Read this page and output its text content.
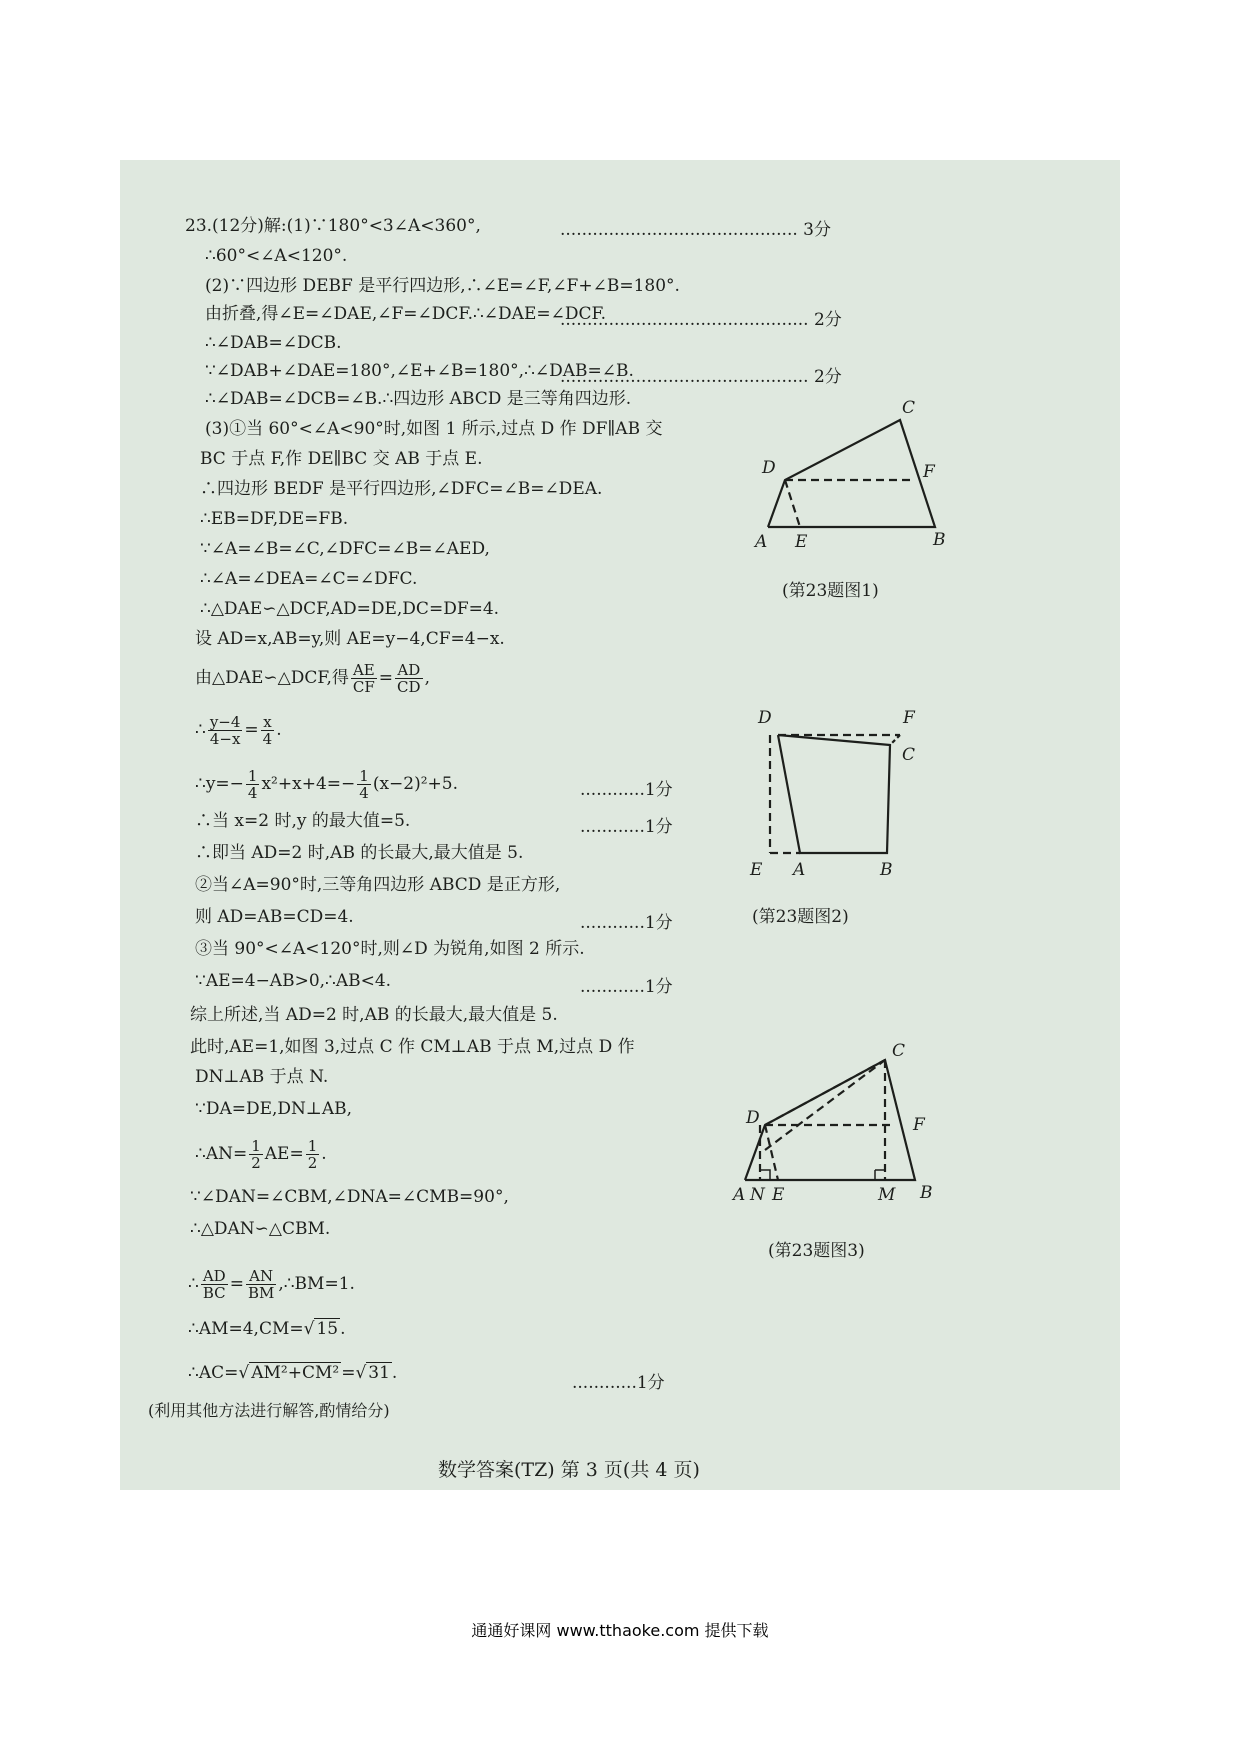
23.(12分)解:(1)∵180°<3∠A<360°,	............................................ 3分
∴60°<∠A<120°.
(2)∵四边形 DEBF 是平行四边形,∴∠E=∠F,∠F+∠B=180°.
由折叠,得∠E=∠DAE,∠F=∠DCF.∴∠DAE=∠DCF.
.............................................. 2分
∴∠DAB=∠DCB.
∵∠DAB+∠DAE=180°,∠E+∠B=180°,∴∠DAB=∠B.
.............................................. 2分
∴∠DAB=∠DCB=∠B.∴四边形 ABCD 是三等角四边形.
(3)①当 60°<∠A<90°时,如图 1 所示,过点 D 作 DF∥AB 交
BC 于点 F,作 DE∥BC 交 AB 于点 E.
∴四边形 BEDF 是平行四边形,∠DFC=∠B=∠DEA.
∴EB=DF,DE=FB.
∵∠A=∠B=∠C,∠DFC=∠B=∠AED,
∴∠A=∠DEA=∠C=∠DFC.
∴△DAE∽△DCF,AD=DE,DC=DF=4.
设 AD=x,AB=y,则 AE=y−4,CF=4−x.
由△DAE∽△DCF,得 $\frac{AE}{CF} = \frac{AD}{CD}$ ,
∴ $\frac{y-4}{4-x} = \frac{x}{4}$ .
∴y=− $\frac{1}{4} x^2+x+4=- \frac{1}{4} (x-2)^2+5$.	............1分
∴当 x=2 时,y 的最大值=5.	............1分
∴即当 AD=2 时,AB 的长最大,最大值是 5.
②当∠A=90°时,三等角四边形 ABCD 是正方形,
则 AD=AB=CD=4.	............1分
③当 90°<∠A<120°时,则∠D 为锐角,如图 2 所示.
∵AE=4−AB>0,∴AB<4.	............1分
综上所述,当 AD=2 时,AB 的长最大,最大值是 5.
此时,AE=1,如图 3,过点 C 作 CM⊥AB 于点 M,过点 D 作
DN⊥AB 于点 N.
∵DA=DE,DN⊥AB,
∴AN= $\frac{1}{2} AE= \frac{1}{2}$ .
∵∠DAN=∠CBM,∠DNA=∠CMB=90°,
∴△DAN∽△CBM.
∴ $\frac{AD}{BC} = \frac{AN}{BM}$ ,∴BM=1.
∴AM=4,CM=√ 15 .
∴AC=√ AM²+CM² =√ 31 .	............1分
(利用其他方法进行解答,酌情给分)
A E	B
C
D	F
(第23题图1)
D	F
C
E A	B
(第23题图2)
C
D	F
A N E	M B
(第23题图3)
数学答案(TZ) 第 3 页(共 4 页)
通通好课网 www.tthaoke.com 提供下载
